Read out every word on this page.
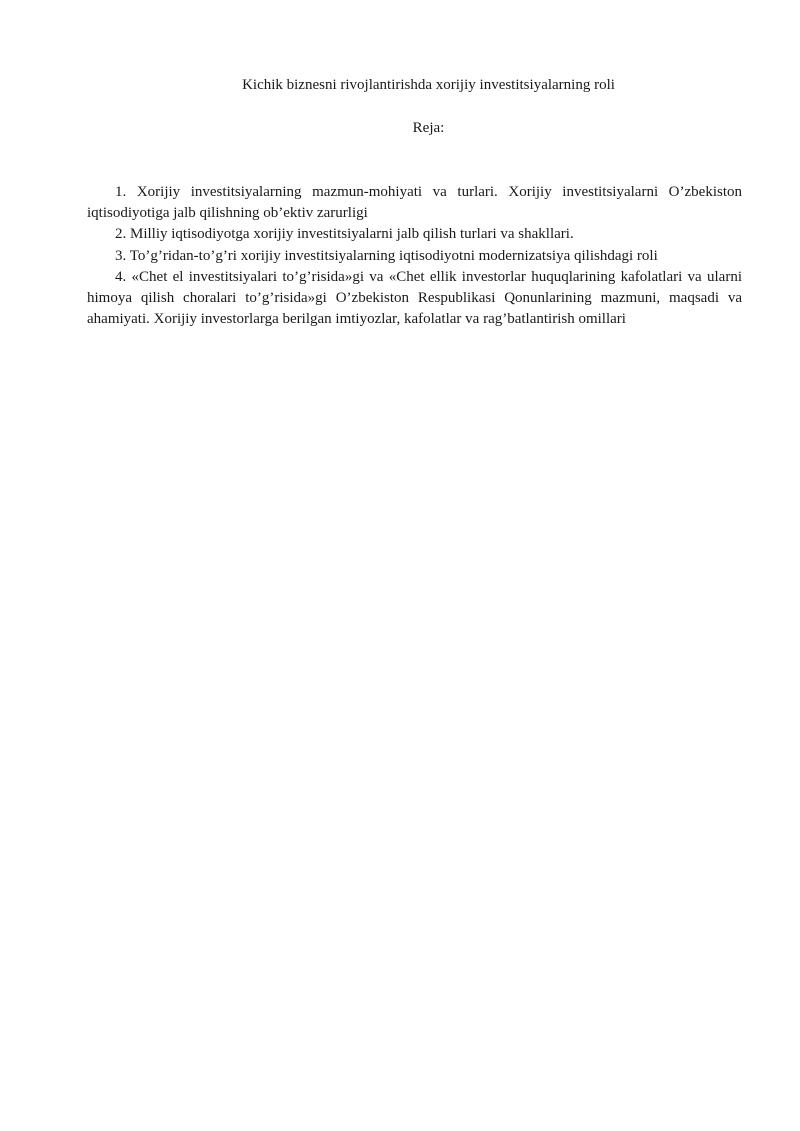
Kichik biznesni rivojlantirishda xorijiy investitsiyalarning roli
Reja:
1. Xorijiy investitsiyalarning mazmun-mohiyati va turlari. Xorijiy investitsiyalarni O’zbekiston iqtisodiyotiga jalb qilishning ob’ektiv zarurligi
2. Milliy iqtisodiyotga xorijiy investitsiyalarni jalb qilish turlari va shakllari.
3. To’g’ridan-to’g’ri xorijiy investitsiyalarning iqtisodiyotni modernizatsiya qilishdagi roli
4. «Chet el investitsiyalari to’g’risida»gi va «Chet ellik investorlar huquqlarining kafolatlari va ularni himoya qilish choralari to’g’risida»gi O’zbekiston Respublikasi Qonunlarining mazmuni, maqsadi va ahamiyati. Xorijiy investorlarga berilgan imtiyozlar, kafolatlar va rag’batlantirish omillari
